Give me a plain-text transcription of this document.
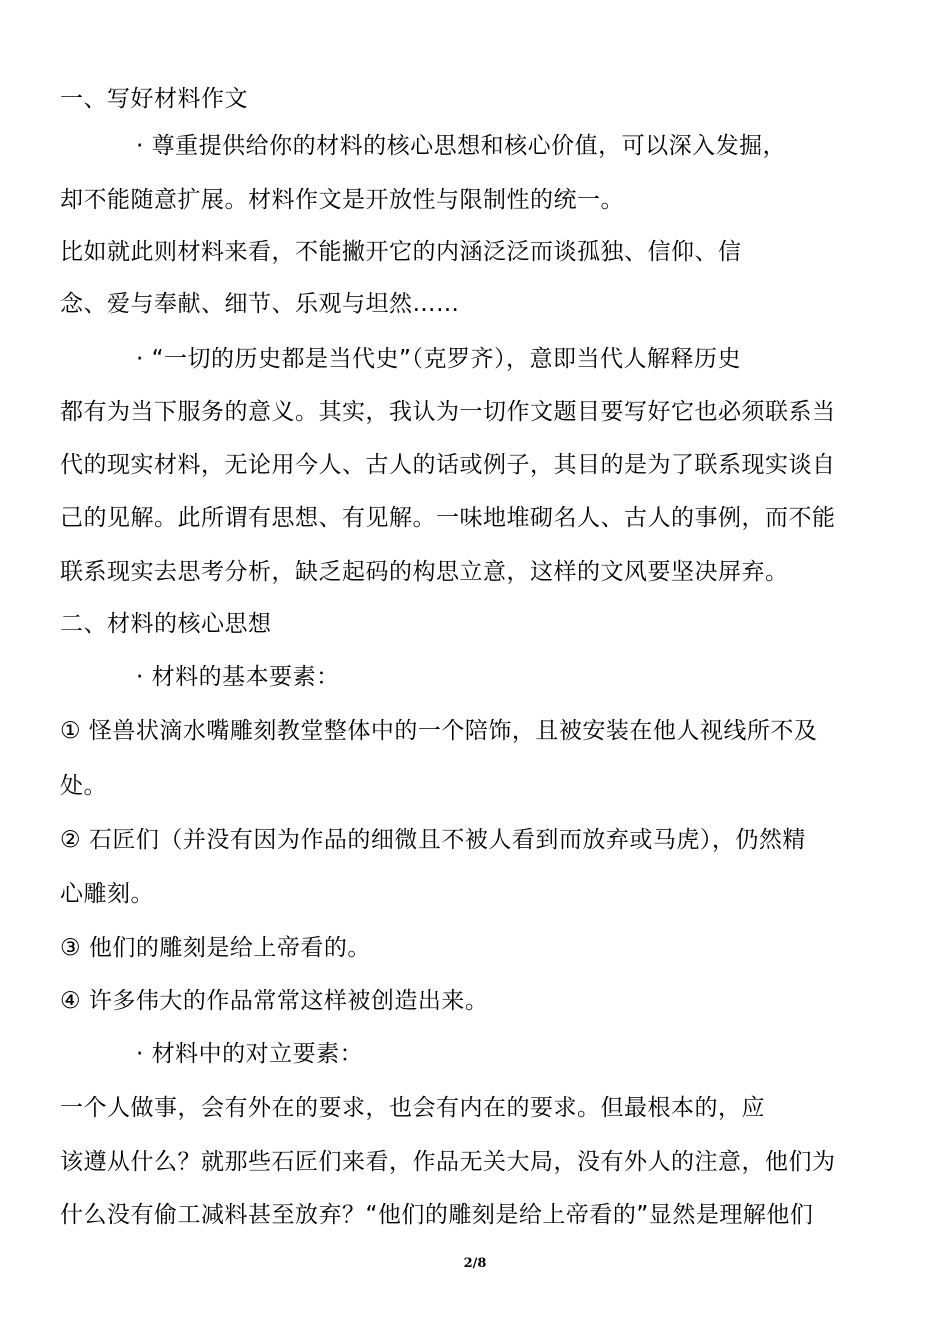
一、写好材料作文
· 尊重提供给你的材料的核心思想和核心价值，可以深入发掘，
却不能随意扩展。材料作文是开放性与限制性的统一。
比如就此则材料来看，不能撇开它的内涵泛泛而谈孤独、信仰、信
念、爱与奉献、细节、乐观与坦然……
· “一切的历史都是当代史”（克罗齐），意即当代人解释历史
都有为当下服务的意义。其实，我认为一切作文题目要写好它也必须联系当
代的现实材料，无论用今人、古人的话或例子，其目的是为了联系现实谈自
己的见解。此所谓有思想、有见解。一味地堆砌名人、古人的事例，而不能
联系现实去思考分析，缺乏起码的构思立意，这样的文风要坚决屏弃。
二、材料的核心思想
· 材料的基本要素：
① 怪兽状滴水嘴雕刻教堂整体中的一个陪饰，且被安装在他人视线所不及
处。
② 石匠们（并没有因为作品的细微且不被人看到而放弃或马虎），仍然精
心雕刻。
③ 他们的雕刻是给上帝看的。
④ 许多伟大的作品常常这样被创造出来。
· 材料中的对立要素：
一个人做事，会有外在的要求，也会有内在的要求。但最根本的，应
该遵从什么？就那些石匠们来看，作品无关大局，没有外人的注意，他们为
什么没有偷工减料甚至放弃？“他们的雕刻是给上帝看的”显然是理解他们
2/8
